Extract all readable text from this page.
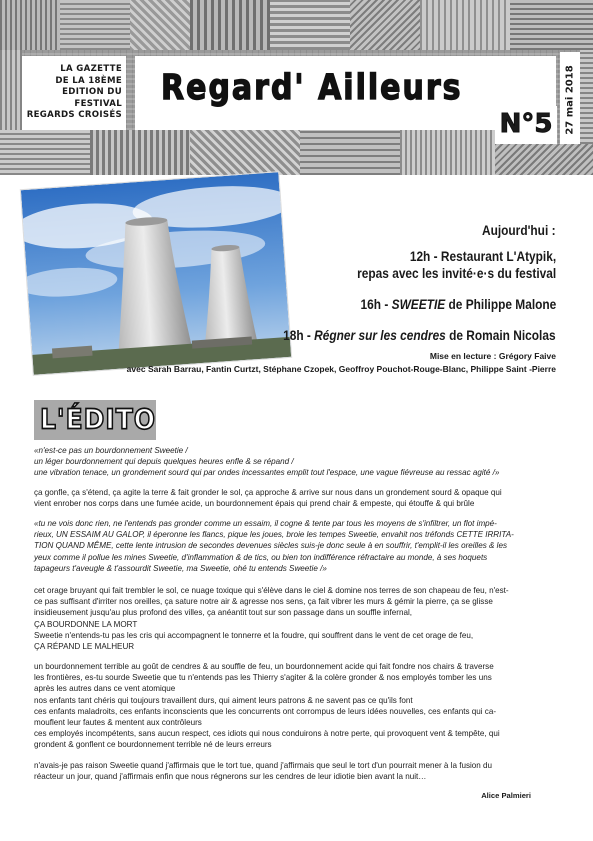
LA GAZETTE
DE LA 18ÈME
EDITION DU FESTIVAL
REGARDS CROISÉS
Regard' Ailleurs
N°5	27 mai 2018
Aujourd'hui :
12h - Restaurant L'Atypik,
repas avec les invité·e·s du festival
16h - SWEETIE de Philippe Malone
18h - Régner sur les cendres de Romain Nicolas
Mise en lecture : Grégory Faive
avec Sarah Barrau, Fantin Curtzt, Stéphane Czopek, Geoffroy Pouchot-Rouge-Blanc, Philippe Saint -Pierre
L'ÉDITO
«n'est-ce pas un bourdonnement Sweetie /
un léger bourdonnement qui depuis quelques heures enfle & se répand /
une vibration tenace, un grondement sourd qui par ondes incessantes emplit tout l'espace, une vague fiévreuse au ressac agité /»
ça gonfle, ça s'étend, ça agite la terre & fait gronder le sol, ça approche & arrive sur nous dans un grondement sourd & opaque qui
vient enrober nos corps dans une fumée acide, un bourdonnement épais qui prend chair & empeste, qui étouffe & qui brûle
«tu ne vois donc rien, ne l'entends pas gronder comme un essaim, il cogne & tente par tous les moyens de s'infiltrer, un flot impé-
rieux, UN ESSAIM AU GALOP, il éperonne les flancs, pique les joues, broie les tempes Sweetie, envahit nos tréfonds CETTE IRRITA-
TION QUAND MÊME, cette lente intrusion de secondes devenues siècles suis-je donc seule à en souffrir, t'emplit-il les oreilles & les
yeux comme il pollue les mines Sweetie, d'inflammation & de tics, ou bien ton indifférence réfractaire au monde, à ses hoquets
tapageurs t'aveugle & t'assourdit Sweetie, ma Sweetie, ohé tu entends Sweetie /»
cet orage bruyant qui fait trembler le sol, ce nuage toxique qui s'élève dans le ciel & domine nos terres de son chapeau de feu, n'est-
ce pas suffisant d'irriter nos oreilles, ça sature notre air & agresse nos sens, ça fait vibrer les murs & gémir la pierre, ça se glisse
insidieusement jusqu'au plus profond des villes, ça anéantit tout sur son passage dans un souffle infernal,
ÇA BOURDONNE LA MORT
Sweetie n'entends-tu pas les cris qui accompagnent le tonnerre et la foudre, qui souffrent dans le vent de cet orage de feu,
ÇA RÉPAND LE MALHEUR
un bourdonnement terrible au goût de cendres & au souffle de feu, un bourdonnement acide qui fait fondre nos chairs & traverse
les frontières, es-tu sourde Sweetie que tu n'entends pas les Thierry s'agiter & la colère gronder & nos employés tomber les uns
après les autres dans ce vent atomique
nos enfants tant chéris qui toujours travaillent durs, qui aiment leurs patrons & ne savent pas ce qu'ils font
ces enfants maladroits, ces enfants inconscients que les concurrents ont corrompus de leurs idées nouvelles, ces enfants qui ca-
mouflent leur fautes & mentent aux contrôleurs
ces employés incompétents, sans aucun respect, ces idiots qui nous conduirons à notre perte, qui provoquent vent & tempête, qui
grondent & gonflent ce bourdonnement terrible né de leurs erreurs
n'avais-je pas raison Sweetie quand j'affirmais que le tort tue, quand j'affirmais que seul le tort d'un pourrait mener à la fusion du
réacteur un jour, quand j'affirmais enfin que nous régnerons sur les cendres de leur idiotie bien avant la nuit…
Alice Palmieri
